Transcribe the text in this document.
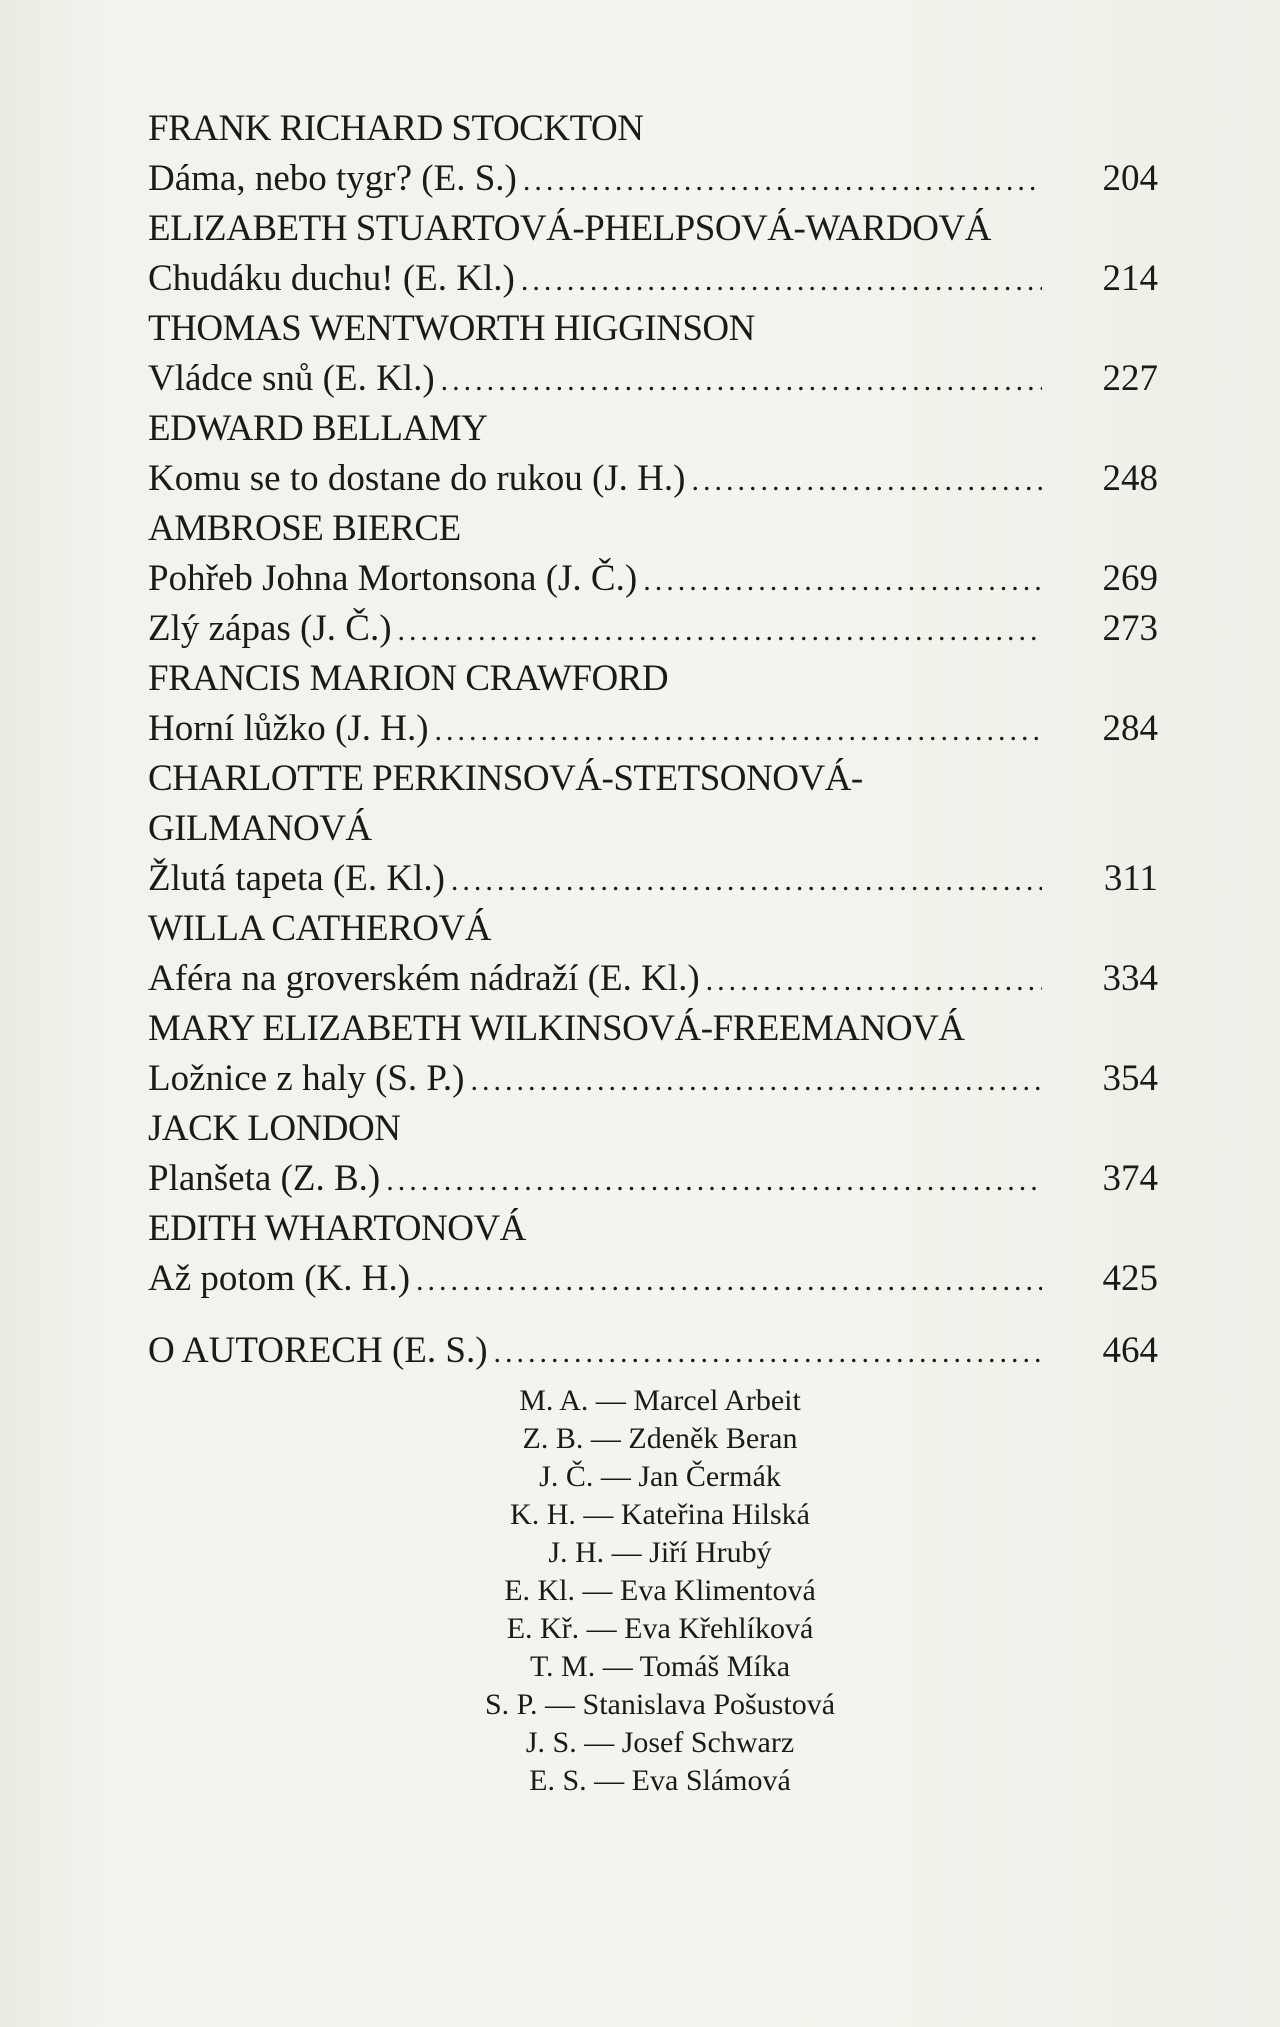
FRANK RICHARD STOCKTON
Dáma, nebo tygr? (E. S.) .....	204
ELIZABETH STUARTOVÁ-PHELPSOVÁ-WARDOVÁ
Chudáku duchu! (E. Kl.) .....	214
THOMAS WENTWORTH HIGGINSON
Vládce snů (E. Kl.) .....	227
EDWARD BELLAMY
Komu se to dostane do rukou (J. H.) .....	248
AMBROSE BIERCE
Pohřeb Johna Mortonsona (J. Č.) .....	269
Zlý zápas (J. Č.) .....	273
FRANCIS MARION CRAWFORD
Horní lůžko (J. H.) .....	284
CHARLOTTE PERKINSOVÁ-STETSONOVÁ-GILMANOVÁ
Žlutá tapeta (E. Kl.) .....	311
WILLA CATHEROVÁ
Aféra na groverském nádraží (E. Kl.) .....	334
MARY ELIZABETH WILKINSOVÁ-FREEMANOVÁ
Ložnice z haly (S. P.) .....	354
JACK LONDON
Planšeta (Z. B.) .....	374
EDITH WHARTONOVÁ
Až potom (K. H.) .....	425
O AUTORECH (E. S.) .....	464
M. A. — Marcel Arbeit
Z. B. — Zdeněk Beran
J. Č. — Jan Čermák
K. H. — Kateřina Hilská
J. H. — Jiří Hrubý
E. Kl. — Eva Klimentová
E. Kř. — Eva Křehlíková
T. M. — Tomáš Míka
S. P. — Stanislava Pošustová
J. S. — Josef Schwarz
E. S. — Eva Slámová
